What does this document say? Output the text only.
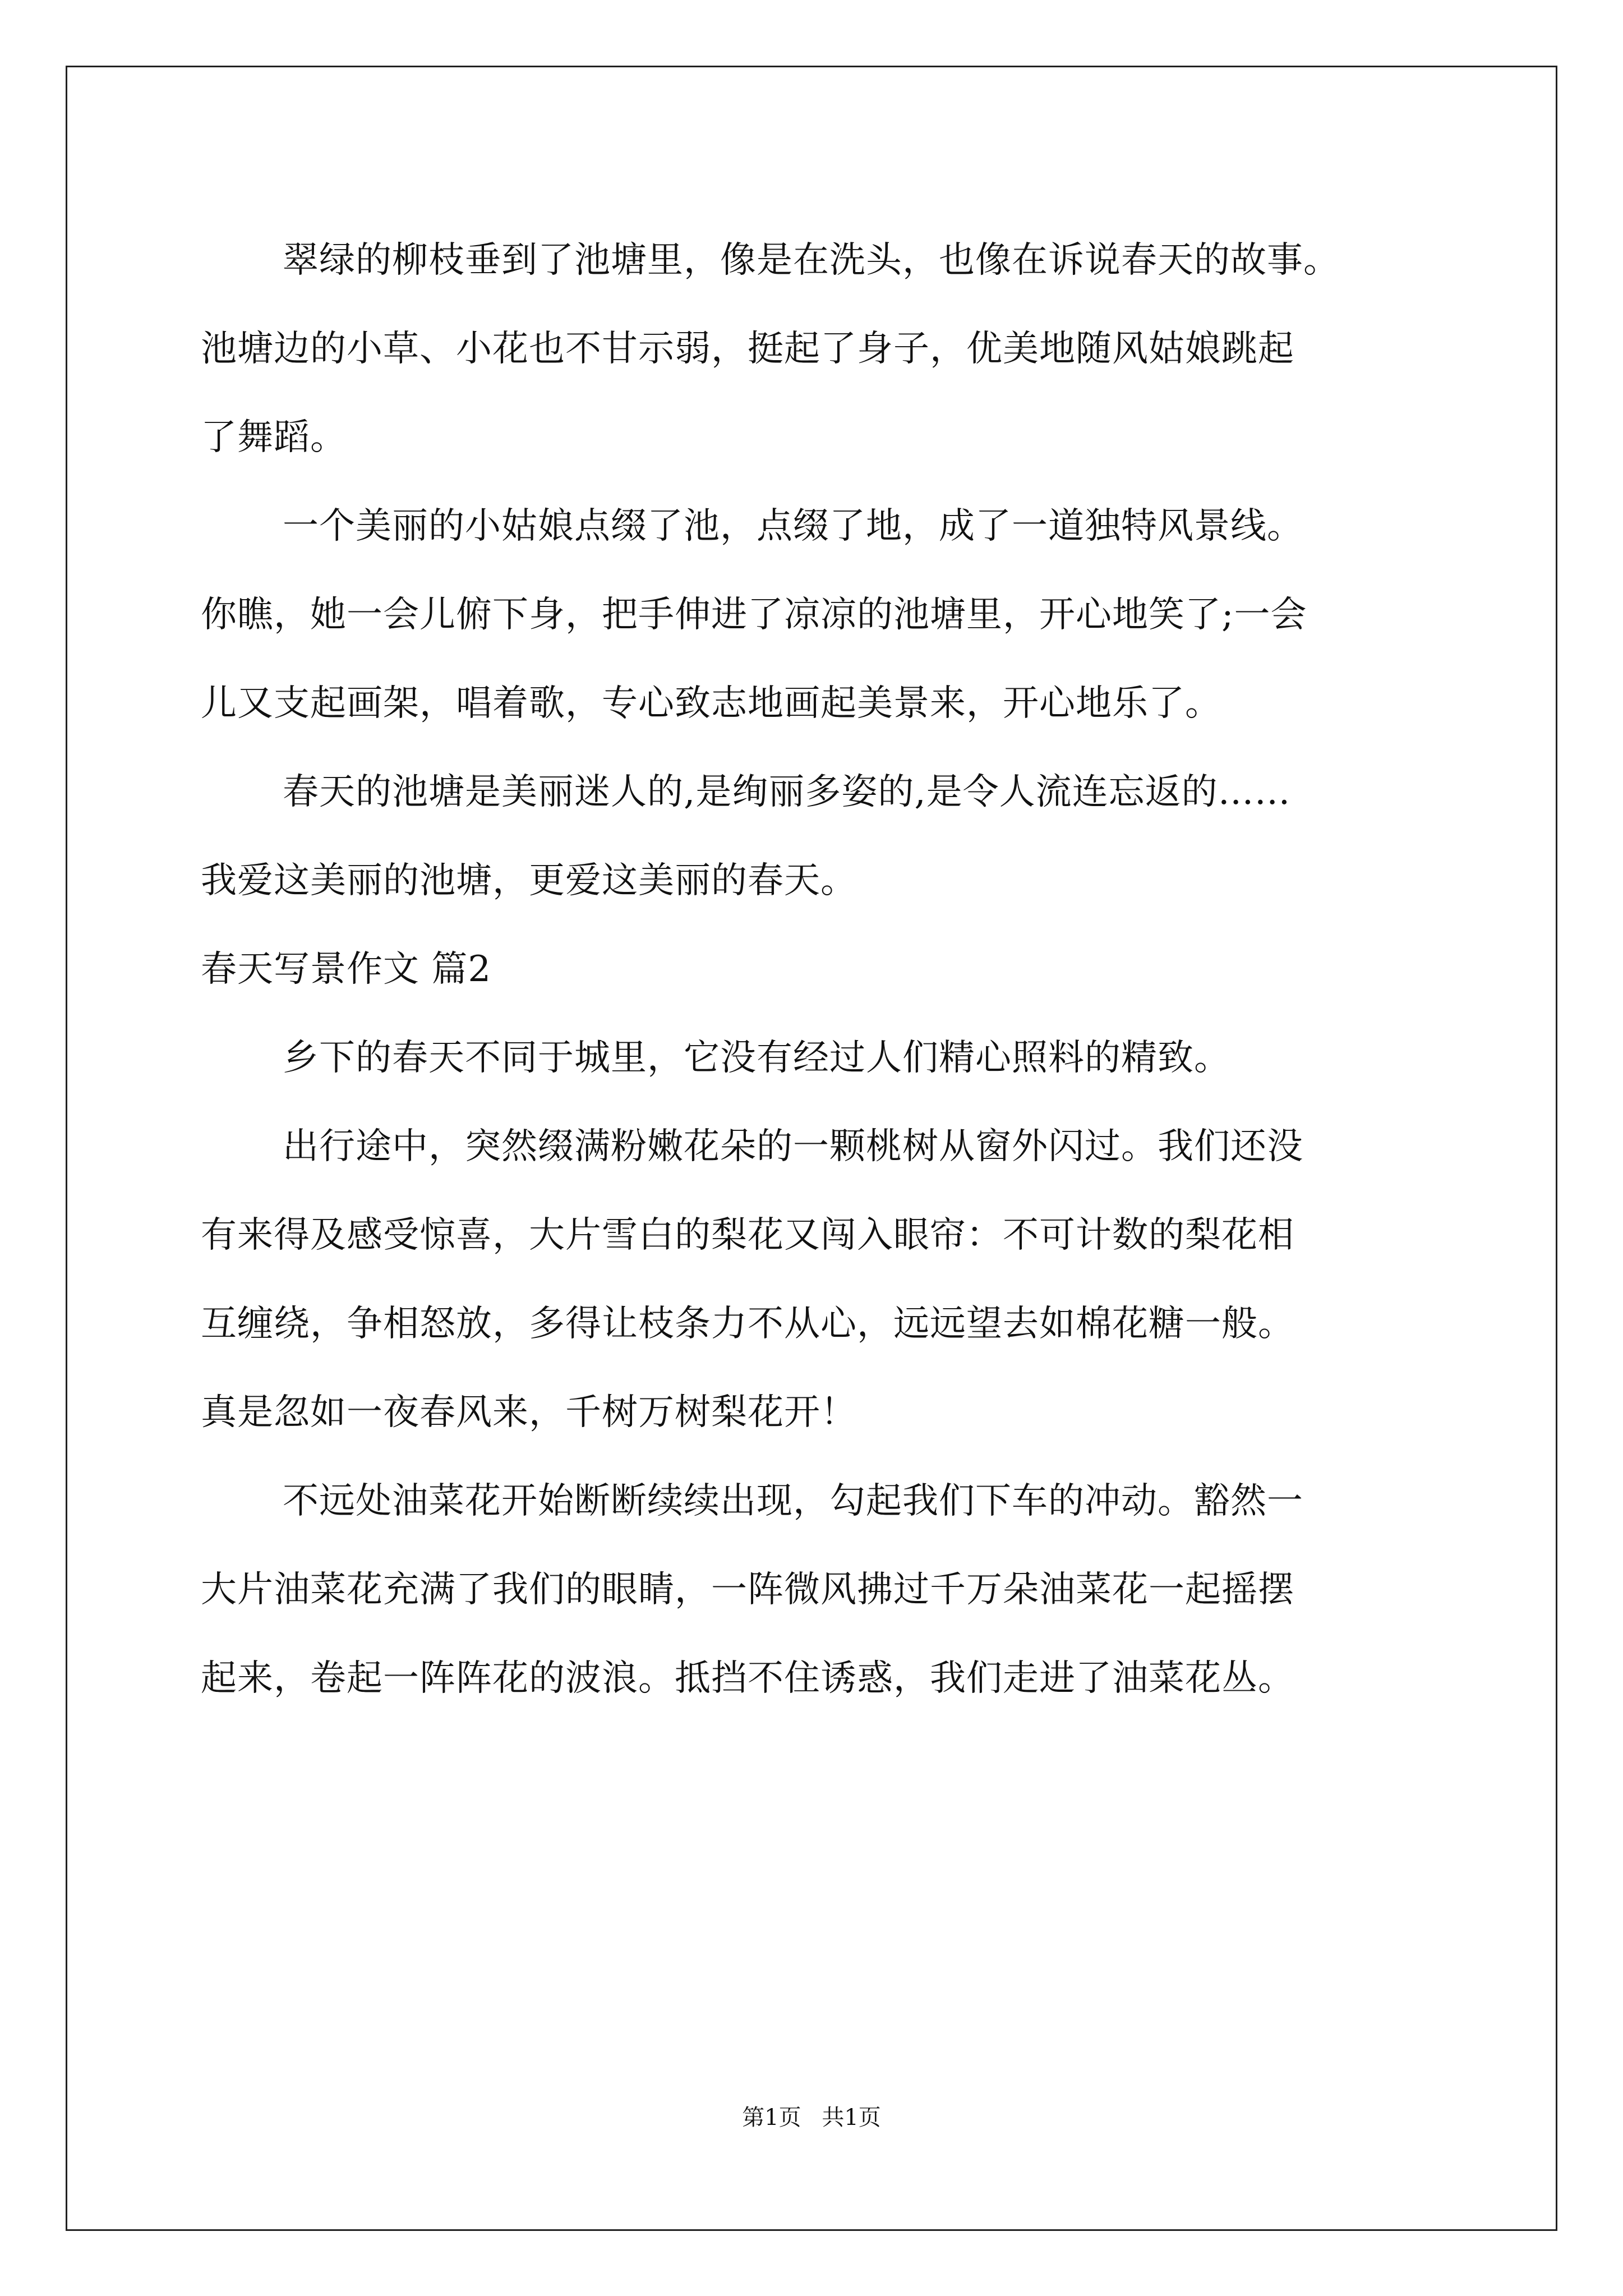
翠绿的柳枝垂到了池塘里，像是在洗头，也像在诉说春天的故事。
池塘边的小草、小花也不甘示弱，挺起了身子，优美地随风姑娘跳起
了舞蹈。
一个美丽的小姑娘点缀了池，点缀了地，成了一道独特风景线。
你瞧，她一会儿俯下身，把手伸进了凉凉的池塘里，开心地笑了;一会
儿又支起画架，唱着歌，专心致志地画起美景来，开心地乐了。
春天的池塘是美丽迷人的,是绚丽多姿的,是令人流连忘返的……
我爱这美丽的池塘，更爱这美丽的春天。
春天写景作文 篇2
乡下的春天不同于城里，它没有经过人们精心照料的精致。
出行途中，突然缀满粉嫩花朵的一颗桃树从窗外闪过。我们还没
有来得及感受惊喜，大片雪白的梨花又闯入眼帘：不可计数的梨花相
互缠绕，争相怒放，多得让枝条力不从心，远远望去如棉花糖一般。
真是忽如一夜春风来，千树万树梨花开！
不远处油菜花开始断断续续出现，勾起我们下车的冲动。豁然一
大片油菜花充满了我们的眼睛，一阵微风拂过千万朵油菜花一起摇摆
起来，卷起一阵阵花的波浪。抵挡不住诱惑，我们走进了油菜花丛。
第1页 共1页
